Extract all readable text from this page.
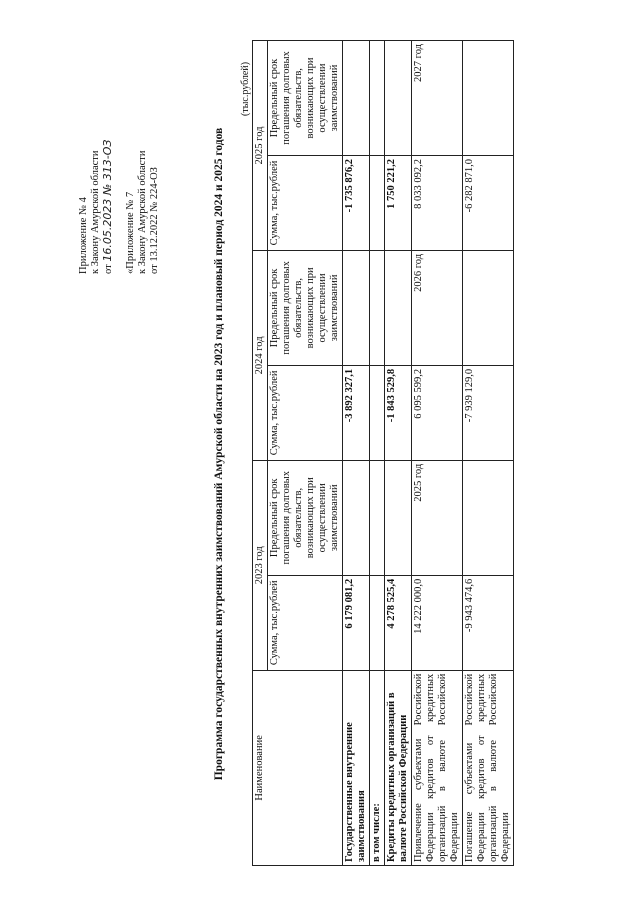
Приложение № 4 к Закону Амурской области от 16.05.2023 № 313-ОЗ «Приложение № 7 к Закону Амурской области от 13.12.2022 № 224-ОЗ	Программа государственных внутренних заимствований Амурской области на 2023 год и плановый период 2024 и 2025 годов
(тыс.рублей)
Наименование	2023 год		2024 год		2025 год	
	Сумма, тыс.рублей	Предельный срок погашения долговых обязательств, возникающих при осуществлении заимствований	Сумма, тыс.рублей	Предельный срок погашения долговых обязательств, возникающих при осуществлении заимствований	Сумма, тыс.рублей	Предельный срок погашения долговых обязательств, возникающих при осуществлении заимствований
Государственные внутренние заимствования	6 179 081,2		-3 892 327,1		-1 735 876,2	
в том числе:						
Кредиты кредитных организаций в валюте Российской Федерации	4 278 525,4		-1 843 529,8		1 750 221,2	
Привлечение субъектами Российской Федерации кредитов от кредитных организаций в валюте Российской Федерации	14 222 000,0	2025 год	6 095 599,2	2026 год	8 033 092,2	2027 год
Погашение субъектами Российской Федерации кредитов от кредитных организаций в валюте Российской Федерации	-9 943 474,6		-7 939 129,0		-6 282 871,0	
